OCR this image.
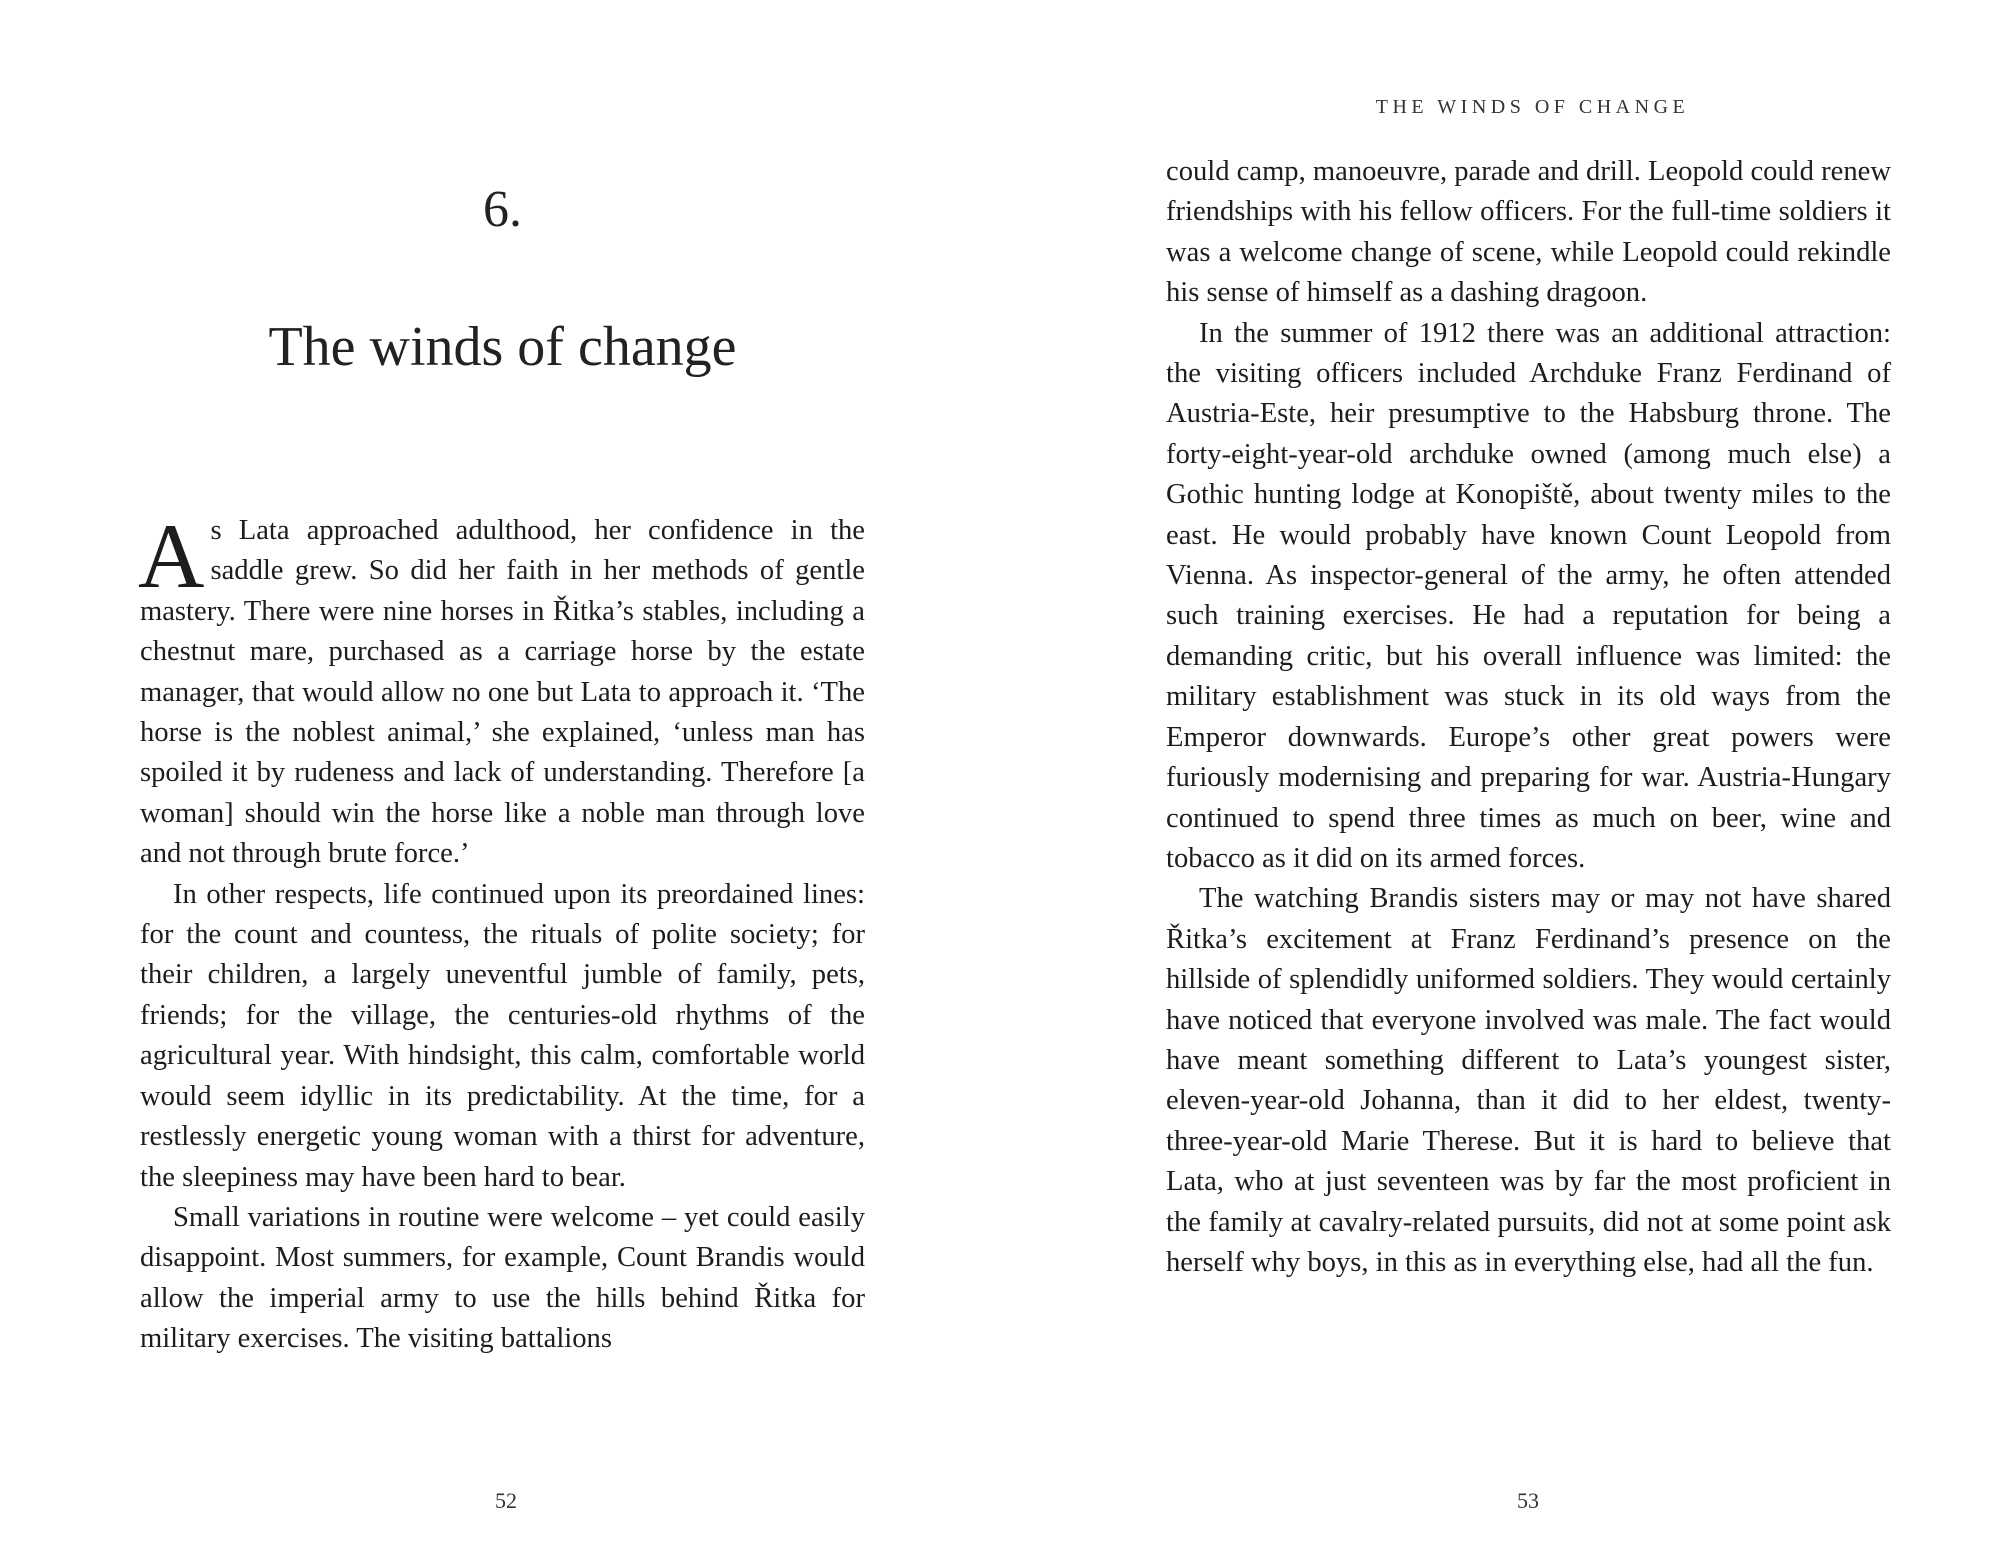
6.
The winds of change

As Lata approached adulthood, her confidence in the saddle grew. So did her faith in her methods of gentle mastery. There were nine horses in Řitka’s stables, including a chestnut mare, purchased as a carriage horse by the estate manager, that would allow no one but Lata to approach it. ‘The horse is the noblest animal,’ she explained, ‘unless man has spoiled it by rudeness and lack of understanding. Therefore [a woman] should win the horse like a noble man through love and not through brute force.’

In other respects, life continued upon its preordained lines: for the count and countess, the rituals of polite society; for their children, a largely uneventful jumble of family, pets, friends; for the village, the centuries-old rhythms of the agricultural year. With hindsight, this calm, comfortable world would seem idyllic in its predictability. At the time, for a restlessly energetic young woman with a thirst for adventure, the sleepiness may have been hard to bear.

Small variations in routine were welcome – yet could easily disappoint. Most summers, for example, Count Brandis would allow the imperial army to use the hills behind Řitka for military exercises. The visiting battalions

52
THE WINDS OF CHANGE

could camp, manoeuvre, parade and drill. Leopold could renew friendships with his fellow officers. For the full-time soldiers it was a welcome change of scene, while Leopold could rekindle his sense of himself as a dashing dragoon.

In the summer of 1912 there was an additional attraction: the visiting officers included Archduke Franz Ferdinand of Austria-Este, heir presumptive to the Habsburg throne. The forty-eight-year-old archduke owned (among much else) a Gothic hunting lodge at Konopiště, about twenty miles to the east. He would probably have known Count Leopold from Vienna. As inspector-general of the army, he often attended such training exercises. He had a reputation for being a demanding critic, but his overall influence was limited: the military establishment was stuck in its old ways from the Emperor downwards. Europe’s other great powers were furiously modernising and preparing for war. Austria-Hungary continued to spend three times as much on beer, wine and tobacco as it did on its armed forces.

The watching Brandis sisters may or may not have shared Řitka’s excitement at Franz Ferdinand’s presence on the hillside of splendidly uniformed soldiers. They would certainly have noticed that everyone involved was male. The fact would have meant something different to Lata’s youngest sister, eleven-year-old Johanna, than it did to her eldest, twenty-three-year-old Marie Therese. But it is hard to believe that Lata, who at just seventeen was by far the most proficient in the family at cavalry-related pursuits, did not at some point ask herself why boys, in this as in everything else, had all the fun.

53
